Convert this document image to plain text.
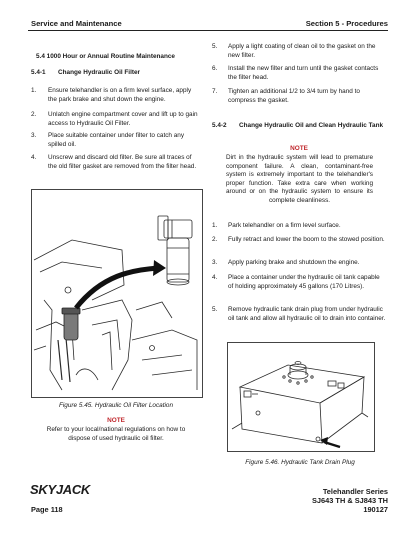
Service and Maintenance	Section 5 - Procedures
5.4 1000 Hour or Annual Routine Maintenance
5.4-1 Change Hydraulic Oil Filter
1.	Ensure telehandler is on a firm level surface, apply the park brake and shut down the engine.
2.	Unlatch engine compartment cover and lift up to gain access to Hydraulic Oil Filter.
3.	Place suitable container under filter to catch any spilled oil.
4.	Unscrew and discard old filter. Be sure all traces of the old filter gasket are removed from the filter head.
Figure 5.45. Hydraulic Oil Filter Location
NOTE
Refer to your local/national regulations on how to dispose of used hydraulic oil filter.
5.	Apply a light coating of clean oil to the gasket on the new filter.
6.	Install the new filter and turn until the gasket contacts the filter head.
7.	Tighten an additional 1/2 to 3/4 turn by hand to compress the gasket.
5.4-2 Change Hydraulic Oil and Clean Hydraulic Tank
NOTE
Dirt in the hydraulic system will lead to premature component failure. A clean, contaminant-free system is extremely important to the telehandler's proper function. Take extra care when working around or on the hydraulic system to ensure its complete cleanliness.
1.	Park telehandler on a firm level surface.
2.	Fully retract and lower the boom to the stowed position.
3.	Apply parking brake and shutdown the engine.
4.	Place a container under the hydraulic oil tank capable of holding approximately 45 gallons (170 Litres).
5.	Remove hydraulic tank drain plug from under hydraulic oil tank and allow all hydraulic oil to drain into container.
Figure 5.46. Hydraulic Tank Drain Plug
SKYJACK
Page 118
Telehandler Series
SJ643 TH & SJ843 TH
190127
